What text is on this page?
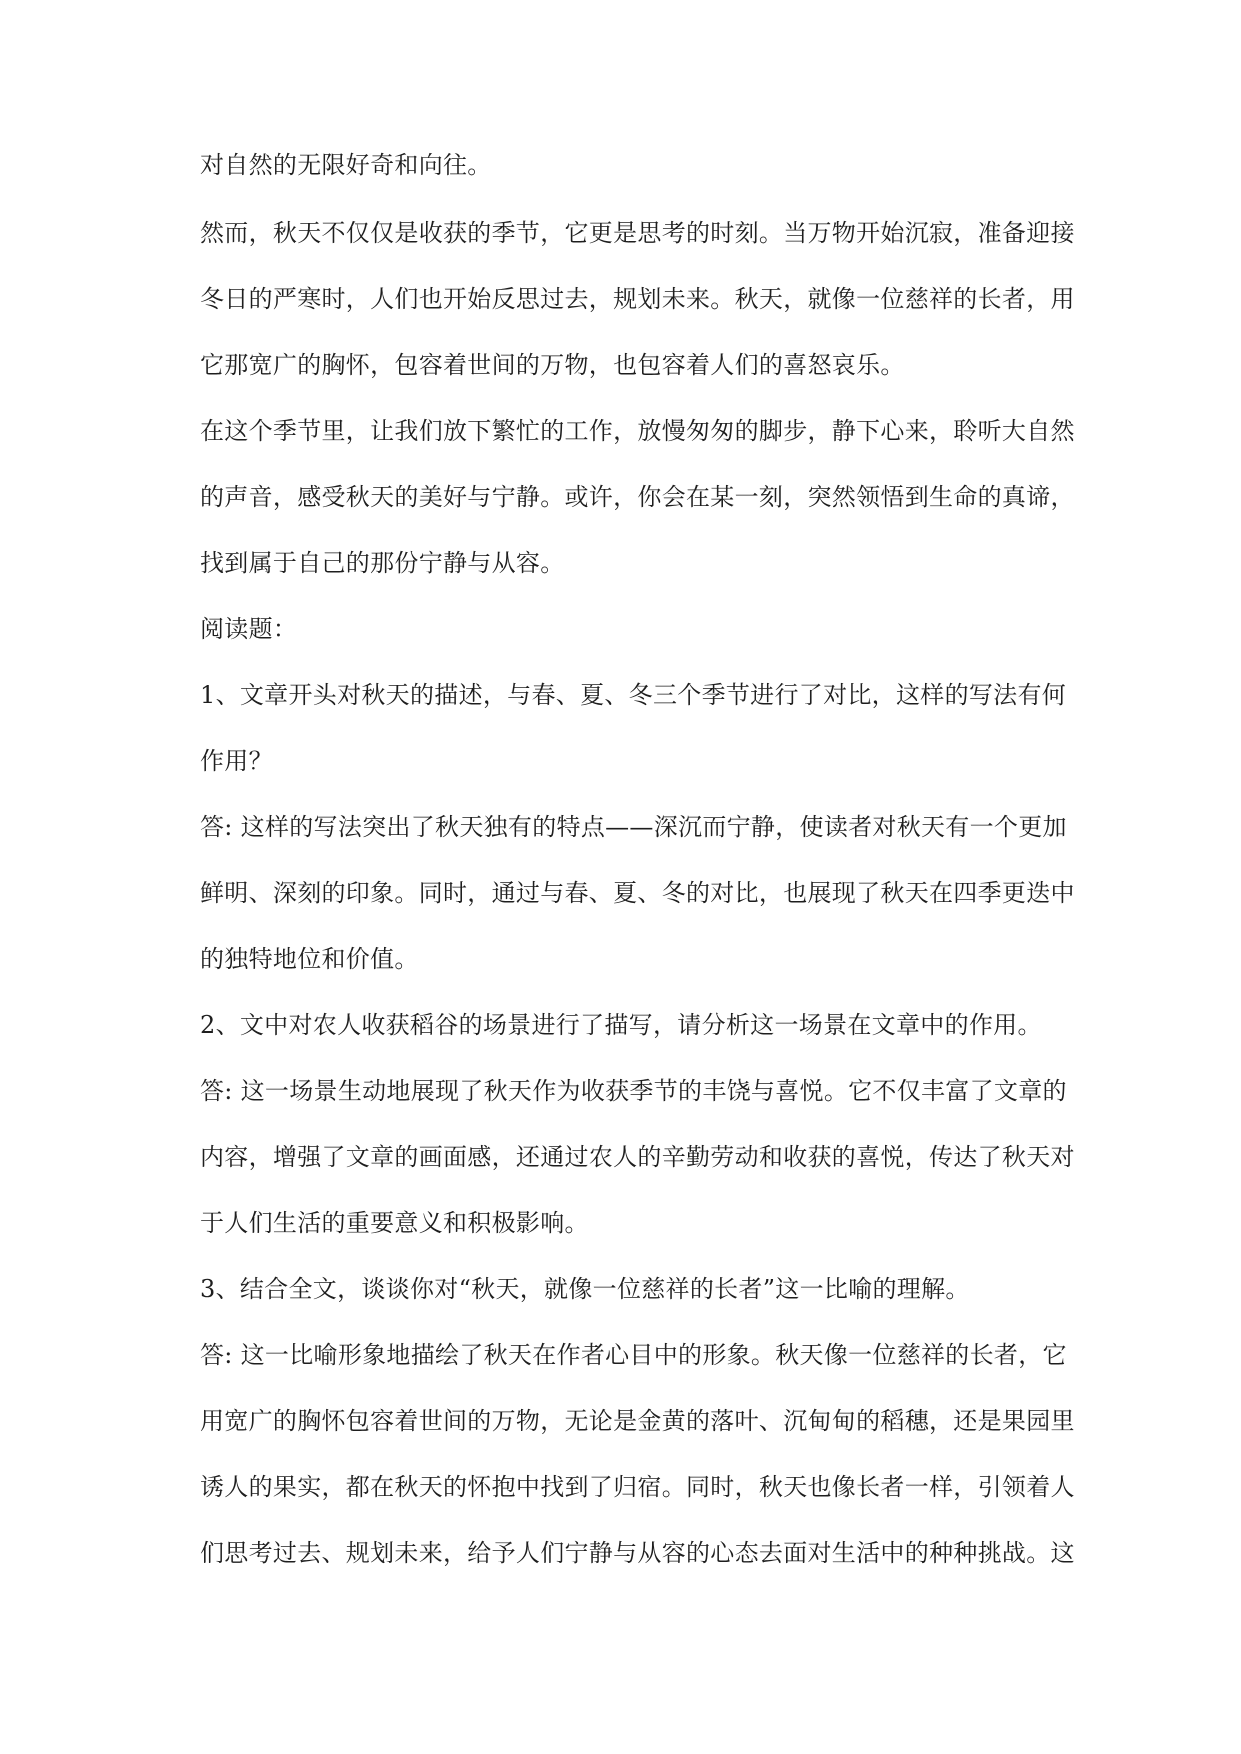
对自然的无限好奇和向往。

然而，秋天不仅仅是收获的季节，它更是思考的时刻。当万物开始沉寂，准备迎接

冬日的严寒时，人们也开始反思过去，规划未来。秋天，就像一位慈祥的长者，用

它那宽广的胸怀，包容着世间的万物，也包容着人们的喜怒哀乐。

在这个季节里，让我们放下繁忙的工作，放慢匆匆的脚步，静下心来，聆听大自然

的声音，感受秋天的美好与宁静。或许，你会在某一刻，突然领悟到生命的真谛，

找到属于自己的那份宁静与从容。

阅读题：

1、文章开头对秋天的描述，与春、夏、冬三个季节进行了对比，这样的写法有何

作用？

答: 这样的写法突出了秋天独有的特点——深沉而宁静，使读者对秋天有一个更加

鲜明、深刻的印象。同时，通过与春、夏、冬的对比，也展现了秋天在四季更迭中

的独特地位和价值。

2、文中对农人收获稻谷的场景进行了描写，请分析这一场景在文章中的作用。

答: 这一场景生动地展现了秋天作为收获季节的丰饶与喜悦。它不仅丰富了文章的

内容，增强了文章的画面感，还通过农人的辛勤劳动和收获的喜悦，传达了秋天对

于人们生活的重要意义和积极影响。

3、结合全文，谈谈你对“秋天，就像一位慈祥的长者”这一比喻的理解。

答: 这一比喻形象地描绘了秋天在作者心目中的形象。秋天像一位慈祥的长者，它

用宽广的胸怀包容着世间的万物，无论是金黄的落叶、沉甸甸的稻穗，还是果园里

诱人的果实，都在秋天的怀抱中找到了归宿。同时，秋天也像长者一样，引领着人

们思考过去、规划未来，给予人们宁静与从容的心态去面对生活中的种种挑战。这
